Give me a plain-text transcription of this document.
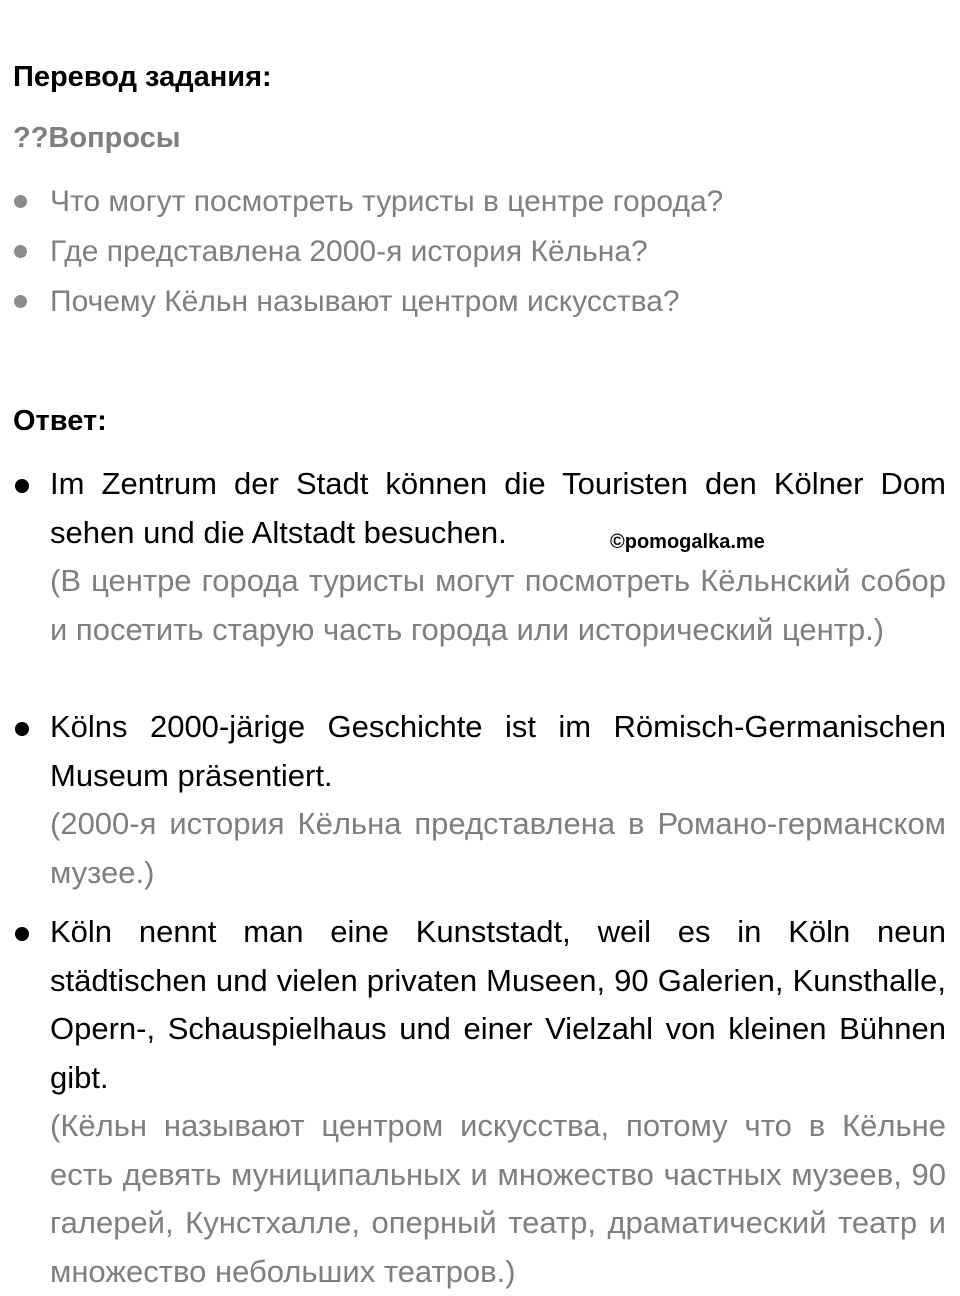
Перевод задания:
??Вопросы
Что могут посмотреть туристы в центре города?
Где представлена 2000-я история Кёльна?
Почему Кёльн называют центром искусства?
Ответ:

Im Zentrum der Stadt können die Touristen den Kölner Dom sehen und die Altstadt besuchen.

(В центре города туристы могут посмотреть Кёльнский собор и посетить старую часть города или исторический центр.)

©pomogalka.me

Kölns 2000-järige Geschichte ist im Römisch-Germanischen Museum präsentiert.

(2000-я история Кёльна представлена в Романо-германском музее.)

Köln nennt man eine Kunststadt, weil es in Köln neun städtischen und vielen privaten Museen, 90 Galerien, Kunsthalle, Opern-, Schauspielhaus und einer Vielzahl von kleinen Bühnen gibt.

(Кёльн называют центром искусства, потому что в Кёльне есть девять муниципальных и множество частных музеев, 90 галерей, Кунстхалле, оперный театр, драматический театр и множество небольших театров.)
